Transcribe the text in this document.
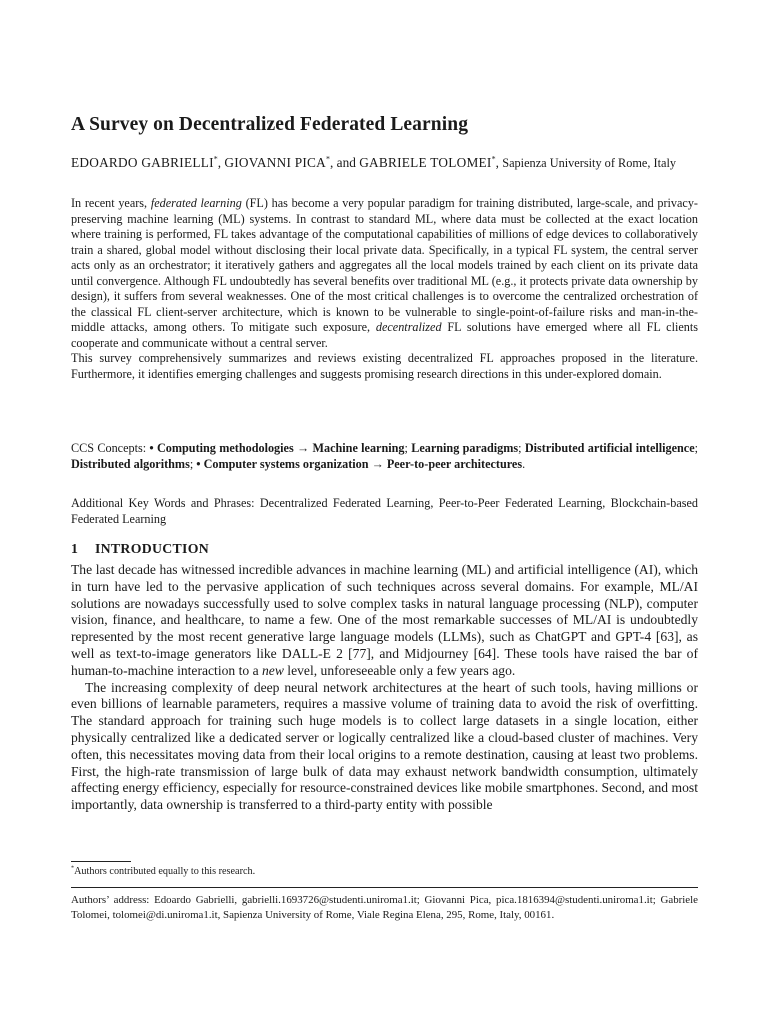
A Survey on Decentralized Federated Learning
EDOARDO GABRIELLI*, GIOVANNI PICA*, and GABRIELE TOLOMEI*, Sapienza University of Rome, Italy

In recent years, federated learning (FL) has become a very popular paradigm for training distributed, large-scale, and privacy-preserving machine learning (ML) systems. In contrast to standard ML, where data must be collected at the exact location where training is performed, FL takes advantage of the computational capabilities of millions of edge devices to collaboratively train a shared, global model without disclosing their local private data. Specifically, in a typical FL system, the central server acts only as an orchestrator; it iteratively gathers and aggregates all the local models trained by each client on its private data until convergence. Although FL undoubtedly has several benefits over traditional ML (e.g., it protects private data ownership by design), it suffers from several weaknesses. One of the most critical challenges is to overcome the centralized orchestration of the classical FL client-server architecture, which is known to be vulnerable to single-point-of-failure risks and man-in-the-middle attacks, among others. To mitigate such exposure, decentralized FL solutions have emerged where all FL clients cooperate and communicate without a central server.

This survey comprehensively summarizes and reviews existing decentralized FL approaches proposed in the literature. Furthermore, it identifies emerging challenges and suggests promising research directions in this under-explored domain.

CCS Concepts: • Computing methodologies → Machine learning; Learning paradigms; Distributed artificial intelligence; Distributed algorithms; • Computer systems organization → Peer-to-peer architectures.

Additional Key Words and Phrases: Decentralized Federated Learning, Peer-to-Peer Federated Learning, Blockchain-based Federated Learning

1 INTRODUCTION

The last decade has witnessed incredible advances in machine learning (ML) and artificial intelligence (AI), which in turn have led to the pervasive application of such techniques across several domains. For example, ML/AI solutions are nowadays successfully used to solve complex tasks in natural language processing (NLP), computer vision, finance, and healthcare, to name a few. One of the most remarkable successes of ML/AI is undoubtedly represented by the most recent generative large language models (LLMs), such as ChatGPT and GPT-4 [63], as well as text-to-image generators like DALL-E 2 [77], and Midjourney [64]. These tools have raised the bar of human-to-machine interaction to a new level, unforeseeable only a few years ago.

The increasing complexity of deep neural network architectures at the heart of such tools, having millions or even billions of learnable parameters, requires a massive volume of training data to avoid the risk of overfitting. The standard approach for training such huge models is to collect large datasets in a single location, either physically centralized like a dedicated server or logically centralized like a cloud-based cluster of machines. Very often, this necessitates moving data from their local origins to a remote destination, causing at least two problems. First, the high-rate transmission of large bulk of data may exhaust network bandwidth consumption, ultimately affecting energy efficiency, especially for resource-constrained devices like mobile smartphones. Second, and most importantly, data ownership is transferred to a third-party entity with possible

*Authors contributed equally to this research.
Authors’ address: Edoardo Gabrielli, gabrielli.1693726@studenti.uniroma1.it; Giovanni Pica, pica.1816394@studenti.uniroma1.it; Gabriele Tolomei, tolomei@di.uniroma1.it, Sapienza University of Rome, Viale Regina Elena, 295, Rome, Italy, 00161.
